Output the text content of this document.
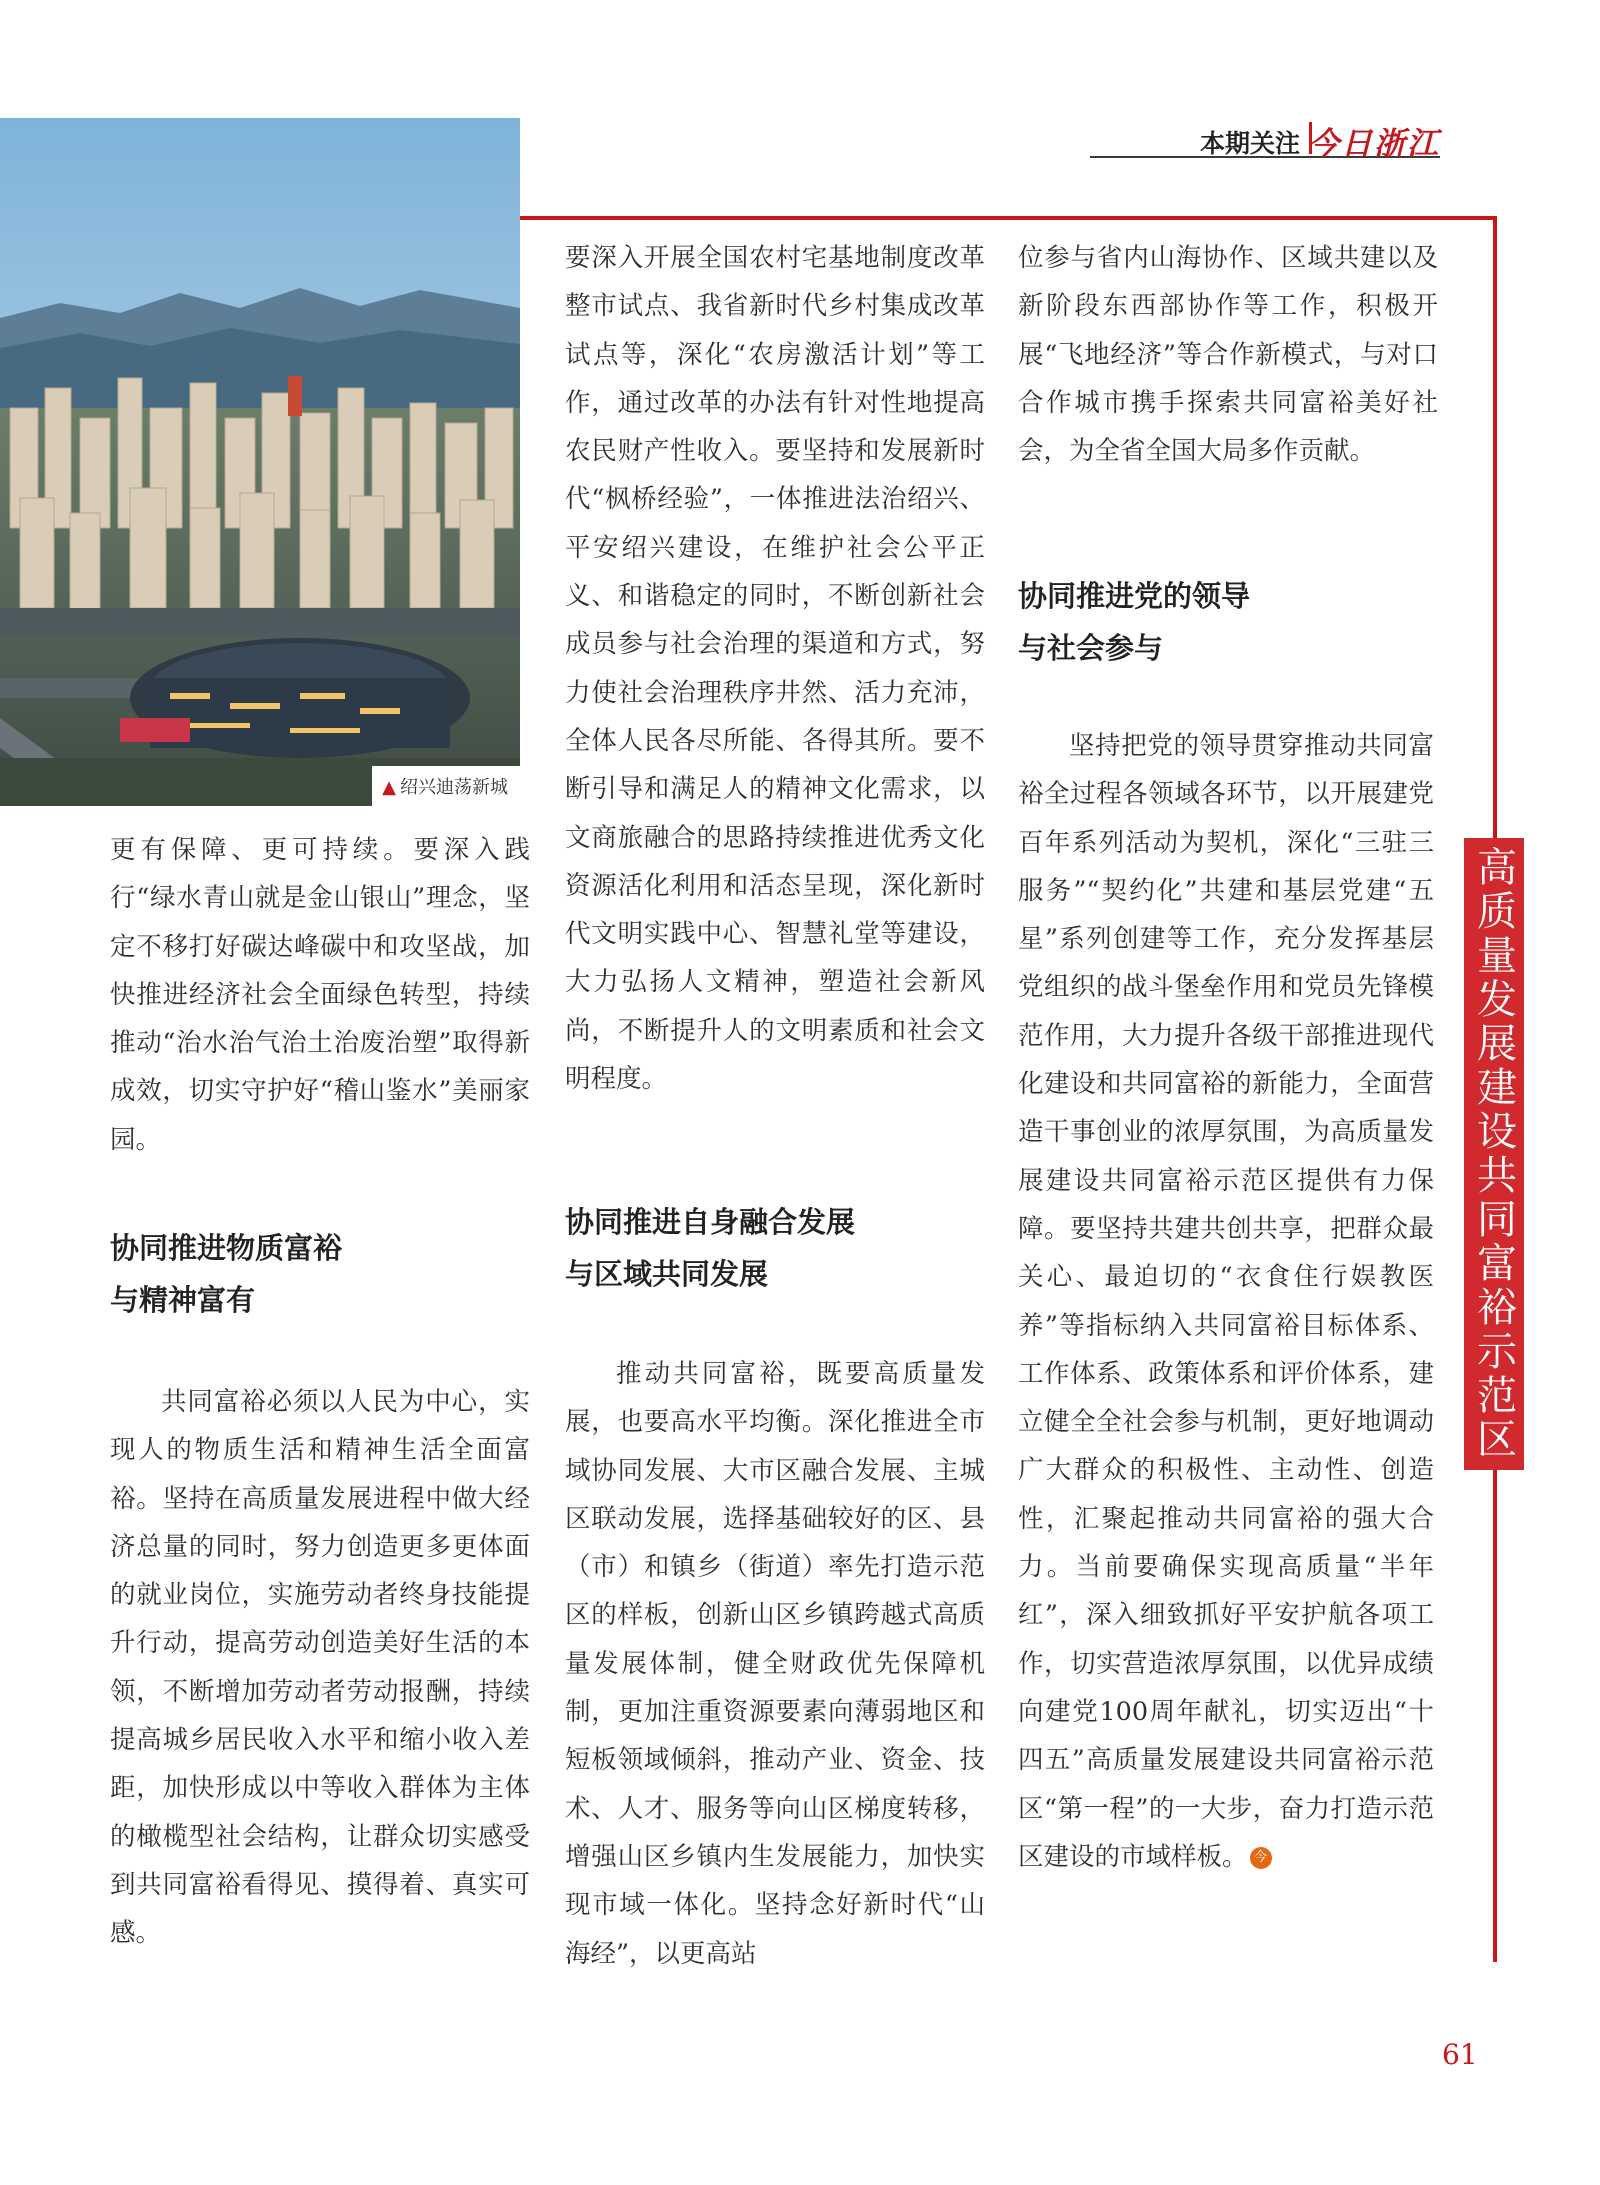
本期关注 今日浙江
高质量发展建设共同富裕示范区
▲ 绍兴迪荡新城

更有保障、更可持续。要深入践行“绿水青山就是金山银山”理念，坚定不移打好碳达峰碳中和攻坚战，加快推进经济社会全面绿色转型，持续推动“治水治气治土治废治塑”取得新成效，切实守护好“稽山鉴水”美丽家园。

协同推进物质富裕
与精神富有

共同富裕必须以人民为中心，实现人的物质生活和精神生活全面富裕。坚持在高质量发展进程中做大经济总量的同时，努力创造更多更体面的就业岗位，实施劳动者终身技能提升行动，提高劳动创造美好生活的本领，不断增加劳动者劳动报酬，持续提高城乡居民收入水平和缩小收入差距，加快形成以中等收入群体为主体的橄榄型社会结构，让群众切实感受到共同富裕看得见、摸得着、真实可感。

要深入开展全国农村宅基地制度改革整市试点、我省新时代乡村集成改革试点等，深化“农房激活计划”等工作，通过改革的办法有针对性地提高农民财产性收入。要坚持和发展新时代“枫桥经验”，一体推进法治绍兴、平安绍兴建设，在维护社会公平正义、和谐稳定的同时，不断创新社会成员参与社会治理的渠道和方式，努力使社会治理秩序井然、活力充沛，全体人民各尽所能、各得其所。要不断引导和满足人的精神文化需求，以文商旅融合的思路持续推进优秀文化资源活化利用和活态呈现，深化新时代文明实践中心、智慧礼堂等建设，大力弘扬人文精神，塑造社会新风尚，不断提升人的文明素质和社会文明程度。

协同推进自身融合发展
与区域共同发展

推动共同富裕，既要高质量发展，也要高水平均衡。深化推进全市域协同发展、大市区融合发展、主城区联动发展，选择基础较好的区、县（市）和镇乡（街道）率先打造示范区的样板，创新山区乡镇跨越式高质量发展体制，健全财政优先保障机制，更加注重资源要素向薄弱地区和短板领域倾斜，推动产业、资金、技术、人才、服务等向山区梯度转移，增强山区乡镇内生发展能力，加快实现市域一体化。坚持念好新时代“山海经”，以更高站

位参与省内山海协作、区域共建以及新阶段东西部协作等工作，积极开展“飞地经济”等合作新模式，与对口合作城市携手探索共同富裕美好社会，为全省全国大局多作贡献。

协同推进党的领导
与社会参与

坚持把党的领导贯穿推动共同富裕全过程各领域各环节，以开展建党百年系列活动为契机，深化“三驻三服务”“契约化”共建和基层党建“五星”系列创建等工作，充分发挥基层党组织的战斗堡垒作用和党员先锋模范作用，大力提升各级干部推进现代化建设和共同富裕的新能力，全面营造干事创业的浓厚氛围，为高质量发展建设共同富裕示范区提供有力保障。要坚持共建共创共享，把群众最关心、最迫切的“衣食住行娱教医养”等指标纳入共同富裕目标体系、工作体系、政策体系和评价体系，建立健全全社会参与机制，更好地调动广大群众的积极性、主动性、创造性，汇聚起推动共同富裕的强大合力。当前要确保实现高质量“半年红”，深入细致抓好平安护航各项工作，切实营造浓厚氛围，以优异成绩向建党100周年献礼，切实迈出“十四五”高质量发展建设共同富裕示范区“第一程”的一大步，奋力打造示范区建设的市域样板。 今

61
